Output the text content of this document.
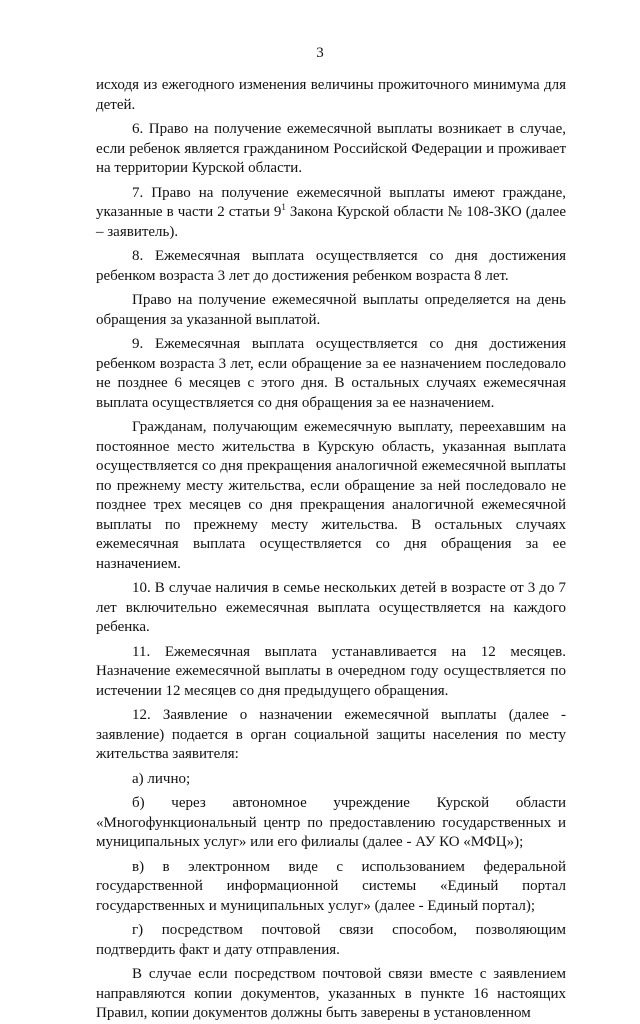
3

исходя из ежегодного изменения величины прожиточного минимума для детей.

6. Право на получение ежемесячной выплаты возникает в случае, если ребенок является гражданином Российской Федерации и проживает на территории Курской области.

7. Право на получение ежемесячной выплаты имеют граждане, указанные в части 2 статьи $9^1$ Закона Курской области № 108-ЗКО (далее – заявитель).

8. Ежемесячная выплата осуществляется со дня достижения ребенком возраста 3 лет до достижения ребенком возраста 8 лет.

Право на получение ежемесячной выплаты определяется на день обращения за указанной выплатой.

9. Ежемесячная выплата осуществляется со дня достижения ребенком возраста 3 лет, если обращение за ее назначением последовало не позднее 6 месяцев с этого дня. В остальных случаях ежемесячная выплата осуществляется со дня обращения за ее назначением.

Гражданам, получающим ежемесячную выплату, переехавшим на постоянное место жительства в Курскую область, указанная выплата осуществляется со дня прекращения аналогичной ежемесячной выплаты по прежнему месту жительства, если обращение за ней последовало не позднее трех месяцев со дня прекращения аналогичной ежемесячной выплаты по прежнему месту жительства. В остальных случаях ежемесячная выплата осуществляется со дня обращения за ее назначением.

10. В случае наличия в семье нескольких детей в возрасте от 3 до 7 лет включительно ежемесячная выплата осуществляется на каждого ребенка.

11. Ежемесячная выплата устанавливается на 12 месяцев. Назначение ежемесячной выплаты в очередном году осуществляется по истечении 12 месяцев со дня предыдущего обращения.

12. Заявление о назначении ежемесячной выплаты (далее - заявление) подается в орган социальной защиты населения по месту жительства заявителя:

а) лично;

б) через автономное учреждение Курской области «Многофункциональный центр по предоставлению государственных и муниципальных услуг» или его филиалы (далее - АУ КО «МФЦ»);

в) в электронном виде с использованием федеральной государственной информационной системы «Единый портал государственных и муниципальных услуг» (далее - Единый портал);

г) посредством почтовой связи способом, позволяющим подтвердить факт и дату отправления.

В случае если посредством почтовой связи вместе с заявлением направляются копии документов, указанных в пункте 16 настоящих Правил, копии документов должны быть заверены в установленном
